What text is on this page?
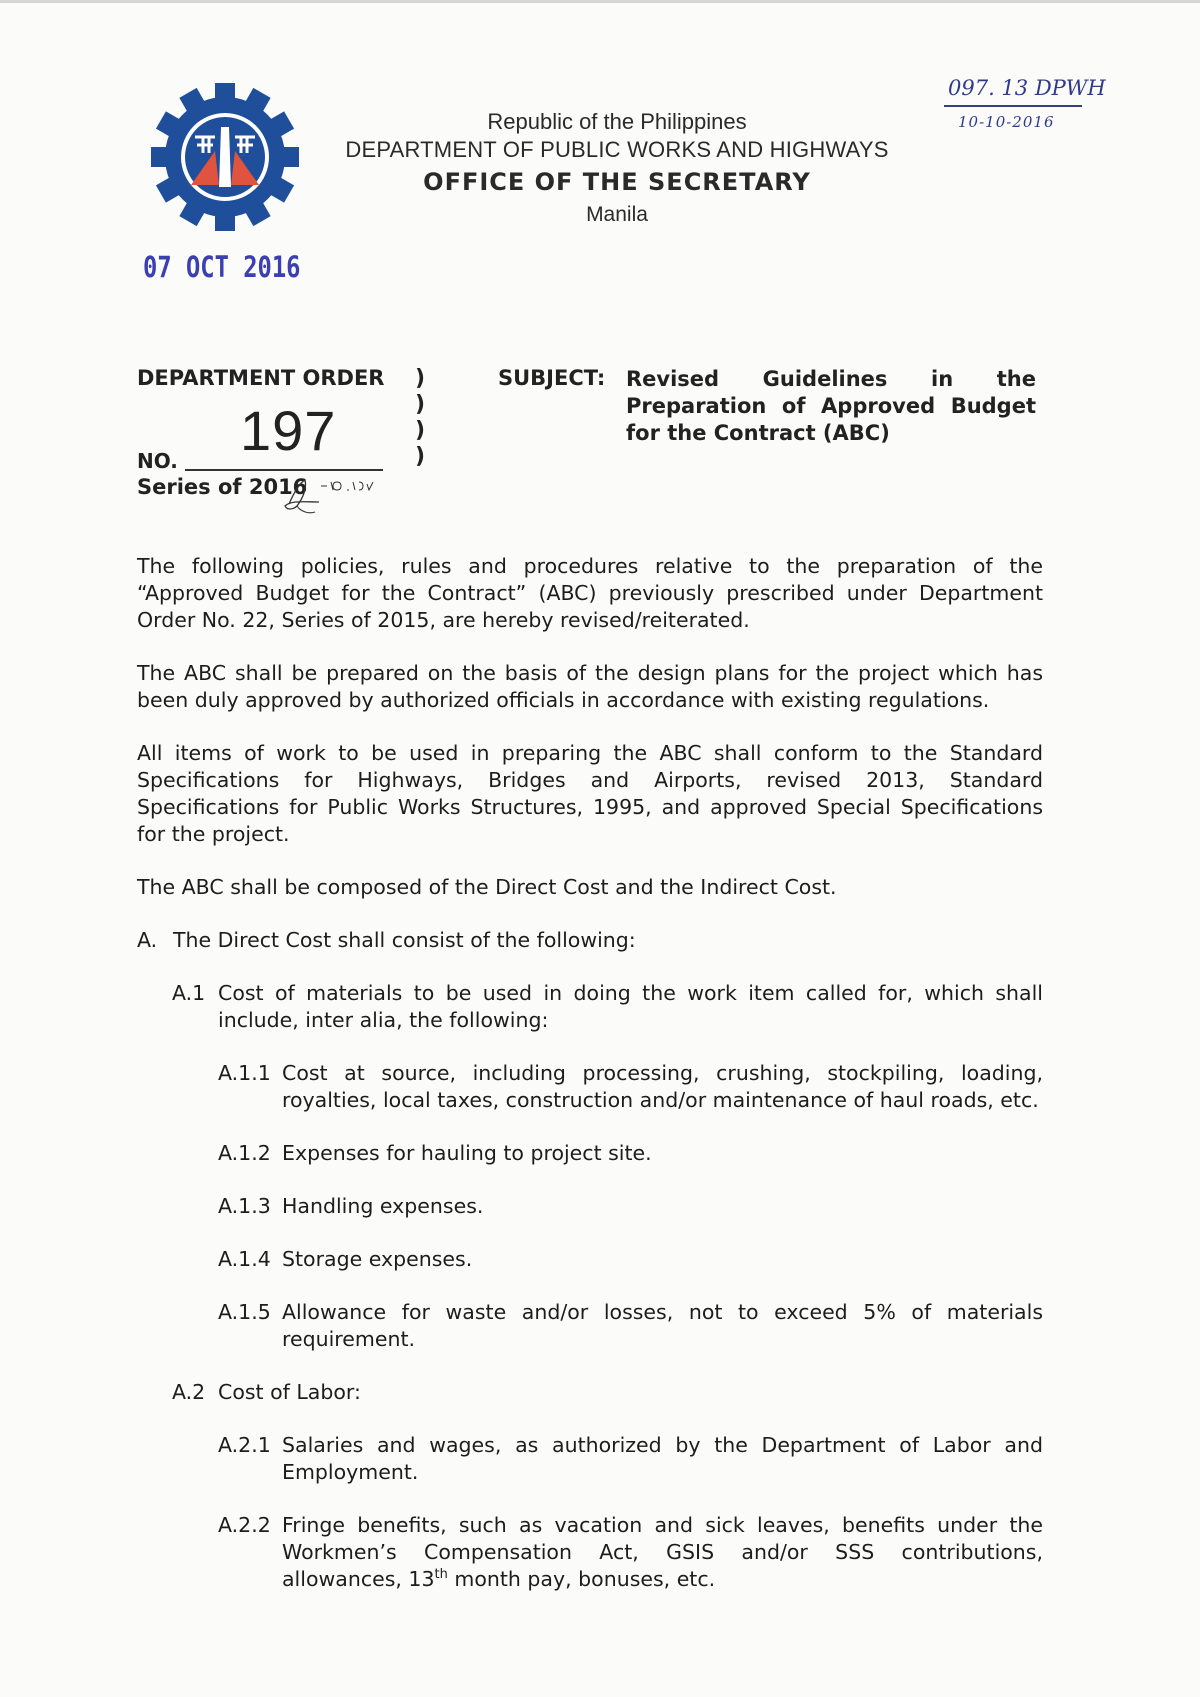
Republic of the Philippines
DEPARTMENT OF PUBLIC WORKS AND HIGHWAYS
OFFICE OF THE SECRETARY
Manila
07 OCT 2016
097. 13 DPWH
10-10-2016
DEPARTMENT ORDER
197
NO.
Series of 2016
)
)
)
)
SUBJECT: Revised Guidelines in the Preparation of Approved Budget for the Contract (ABC)

The following policies, rules and procedures relative to the preparation of the “Approved Budget for the Contract” (ABC) previously prescribed under Department Order No. 22, Series of 2015, are hereby revised/reiterated.

The ABC shall be prepared on the basis of the design plans for the project which has been duly approved by authorized officials in accordance with existing regulations.

All items of work to be used in preparing the ABC shall conform to the Standard Specifications for Highways, Bridges and Airports, revised 2013, Standard Specifications for Public Works Structures, 1995, and approved Special Specifications for the project.

The ABC shall be composed of the Direct Cost and the Indirect Cost.

A. The Direct Cost shall consist of the following:
A.1 Cost of materials to be used in doing the work item called for, which shall include, inter alia, the following:
A.1.1 Cost at source, including processing, crushing, stockpiling, loading, royalties, local taxes, construction and/or maintenance of haul roads, etc.
A.1.2 Expenses for hauling to project site.
A.1.3 Handling expenses.
A.1.4 Storage expenses.
A.1.5 Allowance for waste and/or losses, not to exceed 5% of materials requirement.
A.2 Cost of Labor:
A.2.1 Salaries and wages, as authorized by the Department of Labor and Employment.
A.2.2 Fringe benefits, such as vacation and sick leaves, benefits under the Workmen’s Compensation Act, GSIS and/or SSS contributions, allowances, 13th month pay, bonuses, etc.
